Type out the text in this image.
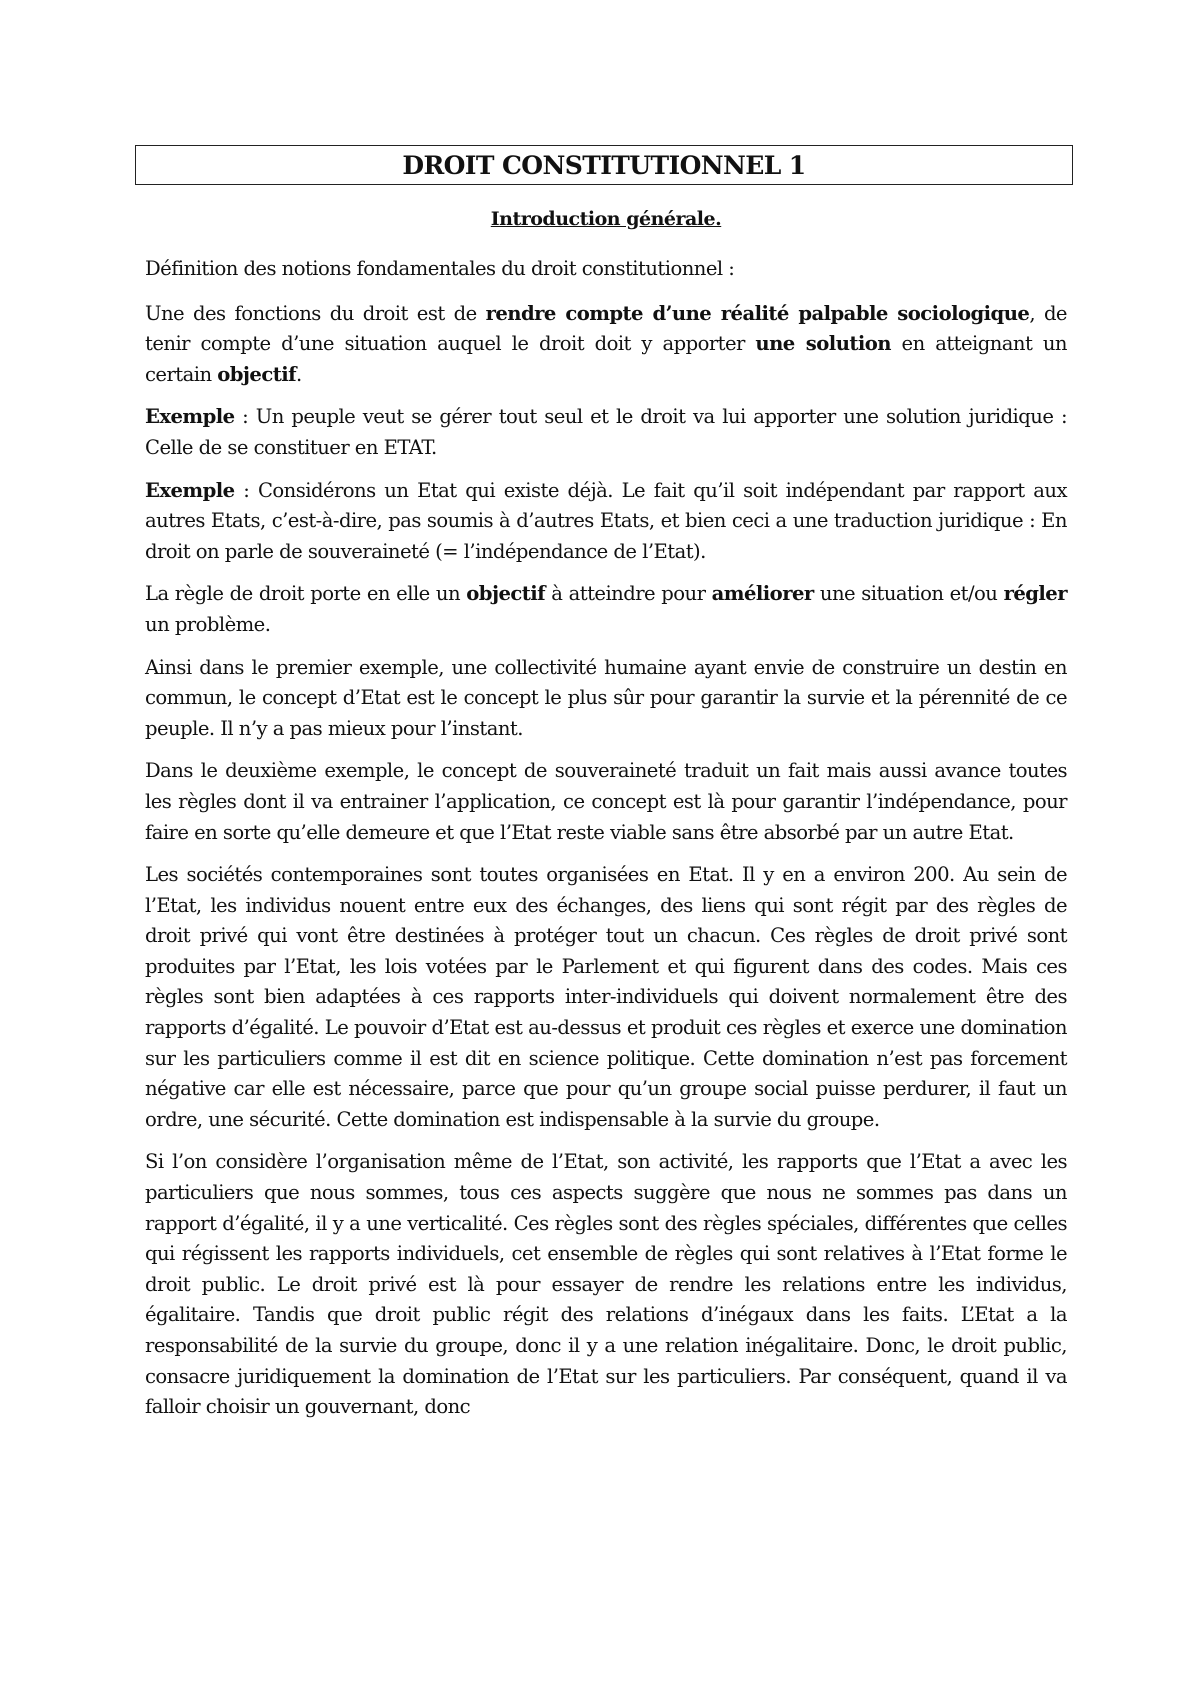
DROIT CONSTITUTIONNEL 1
Introduction générale.

Définition des notions fondamentales du droit constitutionnel :

Une des fonctions du droit est de rendre compte d’une réalité palpable sociologique, de tenir compte d’une situation auquel le droit doit y apporter une solution en atteignant un certain objectif.

Exemple : Un peuple veut se gérer tout seul et le droit va lui apporter une solution juridique : Celle de se constituer en ETAT.

Exemple : Considérons un Etat qui existe déjà. Le fait qu’il soit indépendant par rapport aux autres Etats, c’est-à-dire, pas soumis à d’autres Etats, et bien ceci a une traduction juridique : En droit on parle de souveraineté (= l’indépendance de l’Etat).

La règle de droit porte en elle un objectif à atteindre pour améliorer une situation et/ou régler un problème.

Ainsi dans le premier exemple, une collectivité humaine ayant envie de construire un destin en commun, le concept d’Etat est le concept le plus sûr pour garantir la survie et la pérennité de ce peuple. Il n’y a pas mieux pour l’instant.

Dans le deuxième exemple, le concept de souveraineté traduit un fait mais aussi avance toutes les règles dont il va entrainer l’application, ce concept est là pour garantir l’indépendance, pour faire en sorte qu’elle demeure et que l’Etat reste viable sans être absorbé par un autre Etat.

Les sociétés contemporaines sont toutes organisées en Etat. Il y en a environ 200. Au sein de l’Etat, les individus nouent entre eux des échanges, des liens qui sont régit par des règles de droit privé qui vont être destinées à protéger tout un chacun. Ces règles de droit privé sont produites par l’Etat, les lois votées par le Parlement et qui figurent dans des codes. Mais ces règles sont bien adaptées à ces rapports inter-individuels qui doivent normalement être des rapports d’égalité. Le pouvoir d’Etat est au-dessus et produit ces règles et exerce une domination sur les particuliers comme il est dit en science politique. Cette domination n’est pas forcement négative car elle est nécessaire, parce que pour qu’un groupe social puisse perdurer, il faut un ordre, une sécurité. Cette domination est indispensable à la survie du groupe.

Si l’on considère l’organisation même de l’Etat, son activité, les rapports que l’Etat a avec les particuliers que nous sommes, tous ces aspects suggère que nous ne sommes pas dans un rapport d’égalité, il y a une verticalité. Ces règles sont des règles spéciales, différentes que celles qui régissent les rapports individuels, cet ensemble de règles qui sont relatives à l’Etat forme le droit public. Le droit privé est là pour essayer de rendre les relations entre les individus, égalitaire. Tandis que droit public régit des relations d’inégaux dans les faits. L’Etat a la responsabilité de la survie du groupe, donc il y a une relation inégalitaire. Donc, le droit public, consacre juridiquement la domination de l’Etat sur les particuliers. Par conséquent, quand il va falloir choisir un gouvernant, donc
